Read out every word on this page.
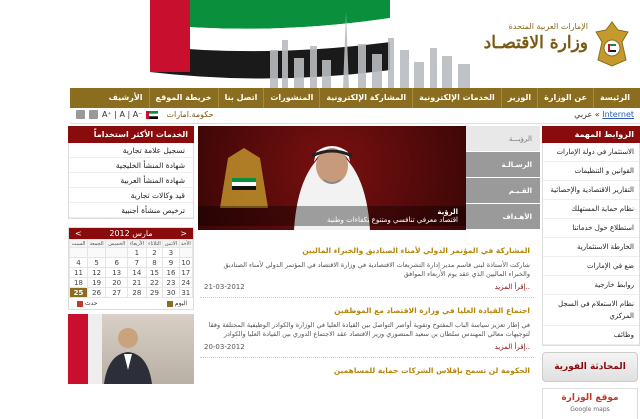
الإمارات العربية المتحدة
وزارة الاقتصـاد
الرئيسة
عن الوزارة
الوزير
الخدمات الإلكترونية
المشاركة الإلكترونية
المنشورات
اتصل بنا
خريطة الموقع
الأرشيف
Internet » عربي
A⁺ | A | A⁻	حكومة.امارات
الخدمات الأكثر استخداماً
تسجيل علامة تجارية
شهادة المنشأ الخليجية
شهادة المنشأ العربية
قيد وكالات تجارية
ترخيص منشأة أجنبية
<	مارس 2012	>
السبت	الجمعة	الخميس	الأربعاء	الثلاثاء	الاثنين	الأحد
			1	2	3	
4	5	6	7	8	9	10
11	12	13	14	15	16	17
18	19	20	21	22	23	24
25	26	27	28	29	30	31
حدث	اليوم
الرؤية
اقتصاد معرفي تنافسي ومتنوع بكفاءات وطنية
الرؤيـــة
الرسـالـة
القـيـم
الأهـداف
المشاركة في المؤتمر الدولي لأمناء الصناديق والخبراء الماليين
شاركت الأستاذة لبنى قاسم مدير إدارة التشريعات الاقتصادية في وزارة الاقتصاد في المؤتمر الدولي لأمناء الصناديق والخبراء الماليين الذي عقد يوم الأربعاء الموافق
21-03-2012	إقرأ المزيد..
اجتماع القيادة العليا في وزارة الاقتصاد مع الموظفين
في إطار تعزيز سياسة الباب المفتوح وتقوية أواصر التواصل بين القيادة العليا في الوزارة والكوادر الوظيفية المختلفة وفقا لتوجيهات معالي المهندس سلطان بن سعيد المنصوري وزير الاقتصاد عقد الاجتماع الدوري بين القيادة العليا والكوادر
20-03-2012	إقرأ المزيد..
الحكومة لن تسمح بإفلاس الشركات حماية للمساهمين
الروابط المهمة
الاستثمار في دولة الإمارات
القوانين و التنظيمات
التقارير الاقتصادية والإحصائية
نظام حماية المستهلك
استطلاع حول خدماتنا
الخارطة الاستثمارية
ضع في الإمارات
روابط خارجية
نظام الاستعلام في السجل المركزي
وظائف
المحادثة الفورية
موقع الوزارة
Google maps
